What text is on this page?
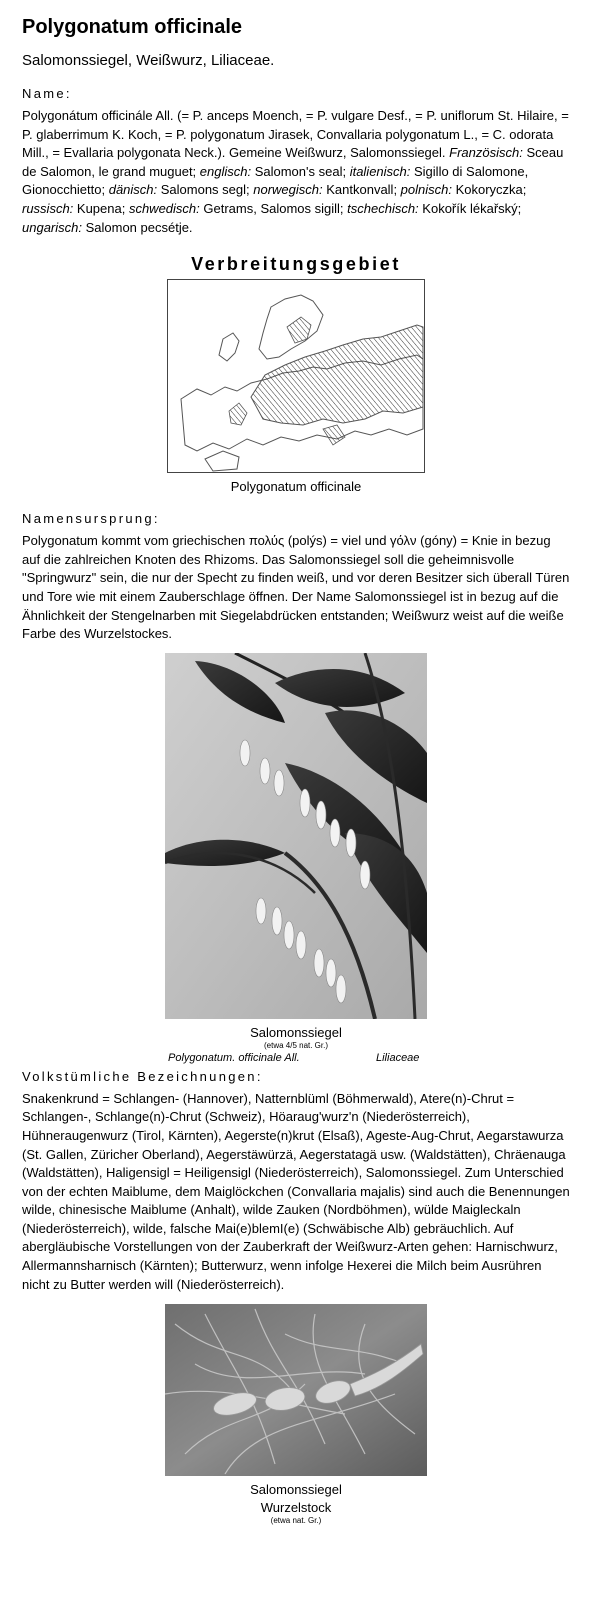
Polygonatum officinale
Salomonssiegel, Weißwurz, Liliaceae.
Name:
Polygonátum officinále All. (= P. anceps Moench, = P. vulgare Desf., = P. uniflorum St. Hilaire, = P. glaberrimum K. Koch, = P. polygonatum Jirasek, Convallaria polygonatum L., = C. odorata Mill., = Evallaria polygonata Neck.). Gemeine Weißwurz, Salomonssiegel. Französisch: Sceau de Salomon, le grand muguet; englisch: Salomon's seal; italienisch: Sigillo di Salomone, Gionocchietto; dänisch: Salomons segl; norwegisch: Kantkonvall; polnisch: Kokoryczka; russisch: Kupena; schwedisch: Getrams, Salomos sigill; tschechisch: Kokořík lékařský; ungarisch: Salomon pecsétje.
Verbreitungsgebiet
Polygonatum officinale
Namensursprung:
Polygonatum kommt vom griechischen πολύς (polýs) = viel und γόλν (góny) = Knie in bezug auf die zahlreichen Knoten des Rhizoms. Das Salomonssiegel soll die geheimnisvolle "Springwurz" sein, die nur der Specht zu finden weiß, und vor deren Besitzer sich überall Türen und Tore wie mit einem Zauberschlage öffnen. Der Name Salomonssiegel ist in bezug auf die Ähnlichkeit der Stengelnarben mit Siegelabdrücken entstanden; Weißwurz weist auf die weiße Farbe des Wurzelstockes.
Salomonssiegel
(etwa 4/5 nat. Gr.)
Polygonatum. officinale All.	Liliaceae
Volkstümliche Bezeichnungen:
Snakenkrund = Schlangen- (Hannover), Natternblüml (Böhmerwald), Atere(n)-Chrut = Schlangen-, Schlange(n)-Chrut (Schweiz), Höaraug'wurz'n (Niederösterreich), Hühneraugenwurz (Tirol, Kärnten), Aegerste(n)krut (Elsaß), Ageste-Aug-Chrut, Aegarstawurza (St. Gallen, Züricher Oberland), Aegerstäwürzä, Aegerstatagä usw. (Waldstätten), Chräenauga (Waldstätten), Haligensigl = Heiligensigl (Niederösterreich), Salomonssiegel. Zum Unterschied von der echten Maiblume, dem Maiglöckchen (Convallaria majalis) sind auch die Benennungen wilde, chinesische Maiblume (Anhalt), wilde Zauken (Nordböhmen), wülde Maigleckaln (Niederösterreich), wilde, falsche Mai(e)blemI(e) (Schwäbische Alb) gebräuchlich. Auf abergläubische Vorstellungen von der Zauberkraft der Weißwurz-Arten gehen: Harnischwurz, Allermannsharnisch (Kärnten); Butterwurz, wenn infolge Hexerei die Milch beim Ausrühren nicht zu Butter werden will (Niederösterreich).
Salomonssiegel
Wurzelstock
(etwa nat. Gr.)
